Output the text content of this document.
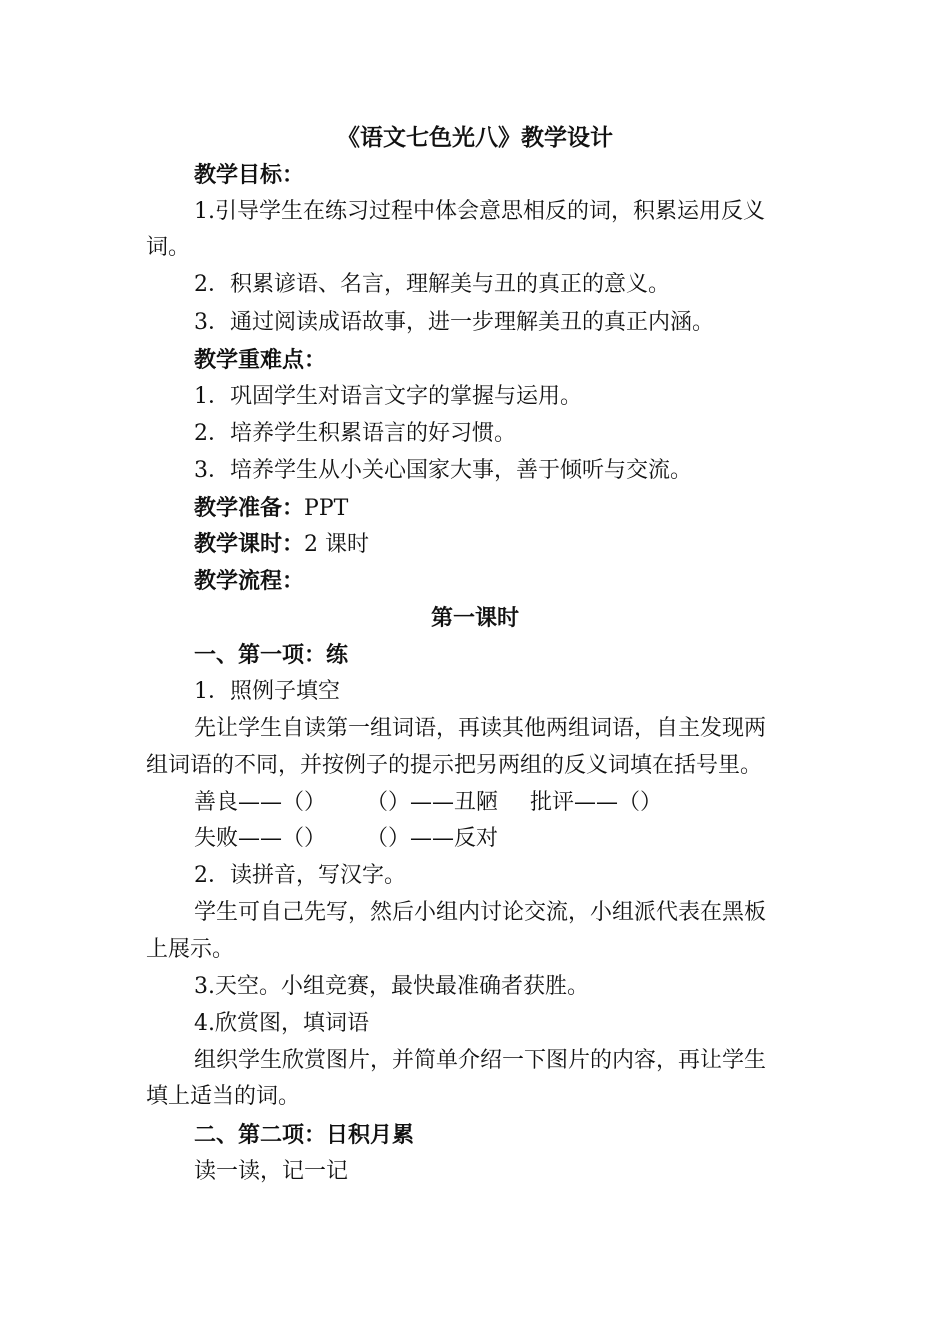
《语文七色光八》教学设计
教学目标：
1.引导学生在练习过程中体会意思相反的词，积累运用反义
词。
2．积累谚语、名言，理解美与丑的真正的意义。
3．通过阅读成语故事，进一步理解美丑的真正内涵。
教学重难点：
1．巩固学生对语言文字的掌握与运用。
2．培养学生积累语言的好习惯。
3．培养学生从小关心国家大事，善于倾听与交流。
教学准备：PPT
教学课时：2 课时
教学流程：
第一课时
一、第一项：练
1．照例子填空
先让学生自读第一组词语，再读其他两组词语，自主发现两
组词语的不同，并按例子的提示把另两组的反义词填在括号里。
善良——（） （）——丑陋 批评——（）
失败——（） （）——反对
2．读拼音，写汉字。
学生可自己先写，然后小组内讨论交流，小组派代表在黑板
上展示。
3.天空。小组竞赛，最快最准确者获胜。
4.欣赏图，填词语
组织学生欣赏图片，并简单介绍一下图片的内容，再让学生
填上适当的词。
二、第二项：日积月累
读一读，记一记
